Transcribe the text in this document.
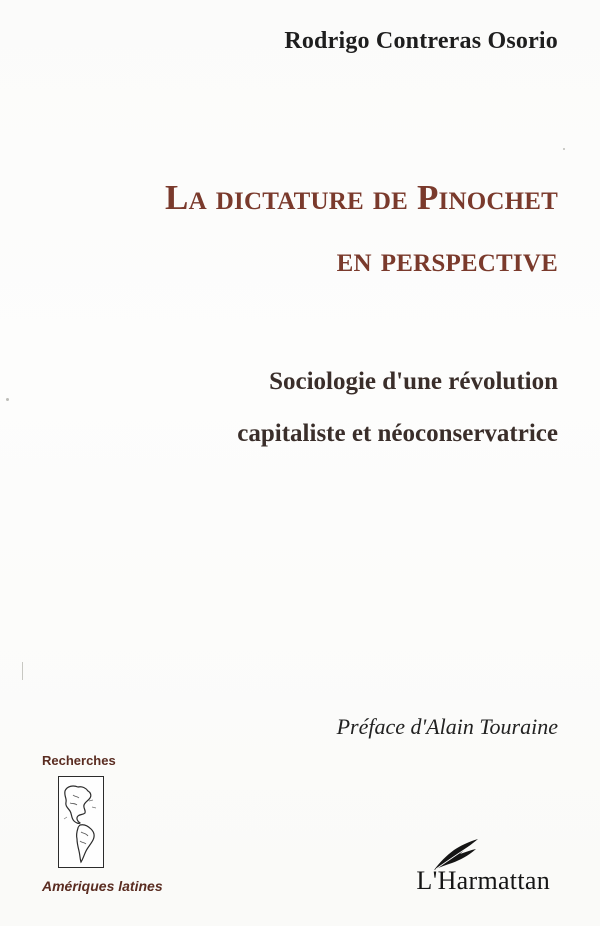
Rodrigo Contreras Osorio
La dictature de Pinochet
en perspective
Sociologie d'une révolution
capitaliste et néoconservatrice
Préface d'Alain Touraine
Recherches
Amériques latines	L'Harmattan
